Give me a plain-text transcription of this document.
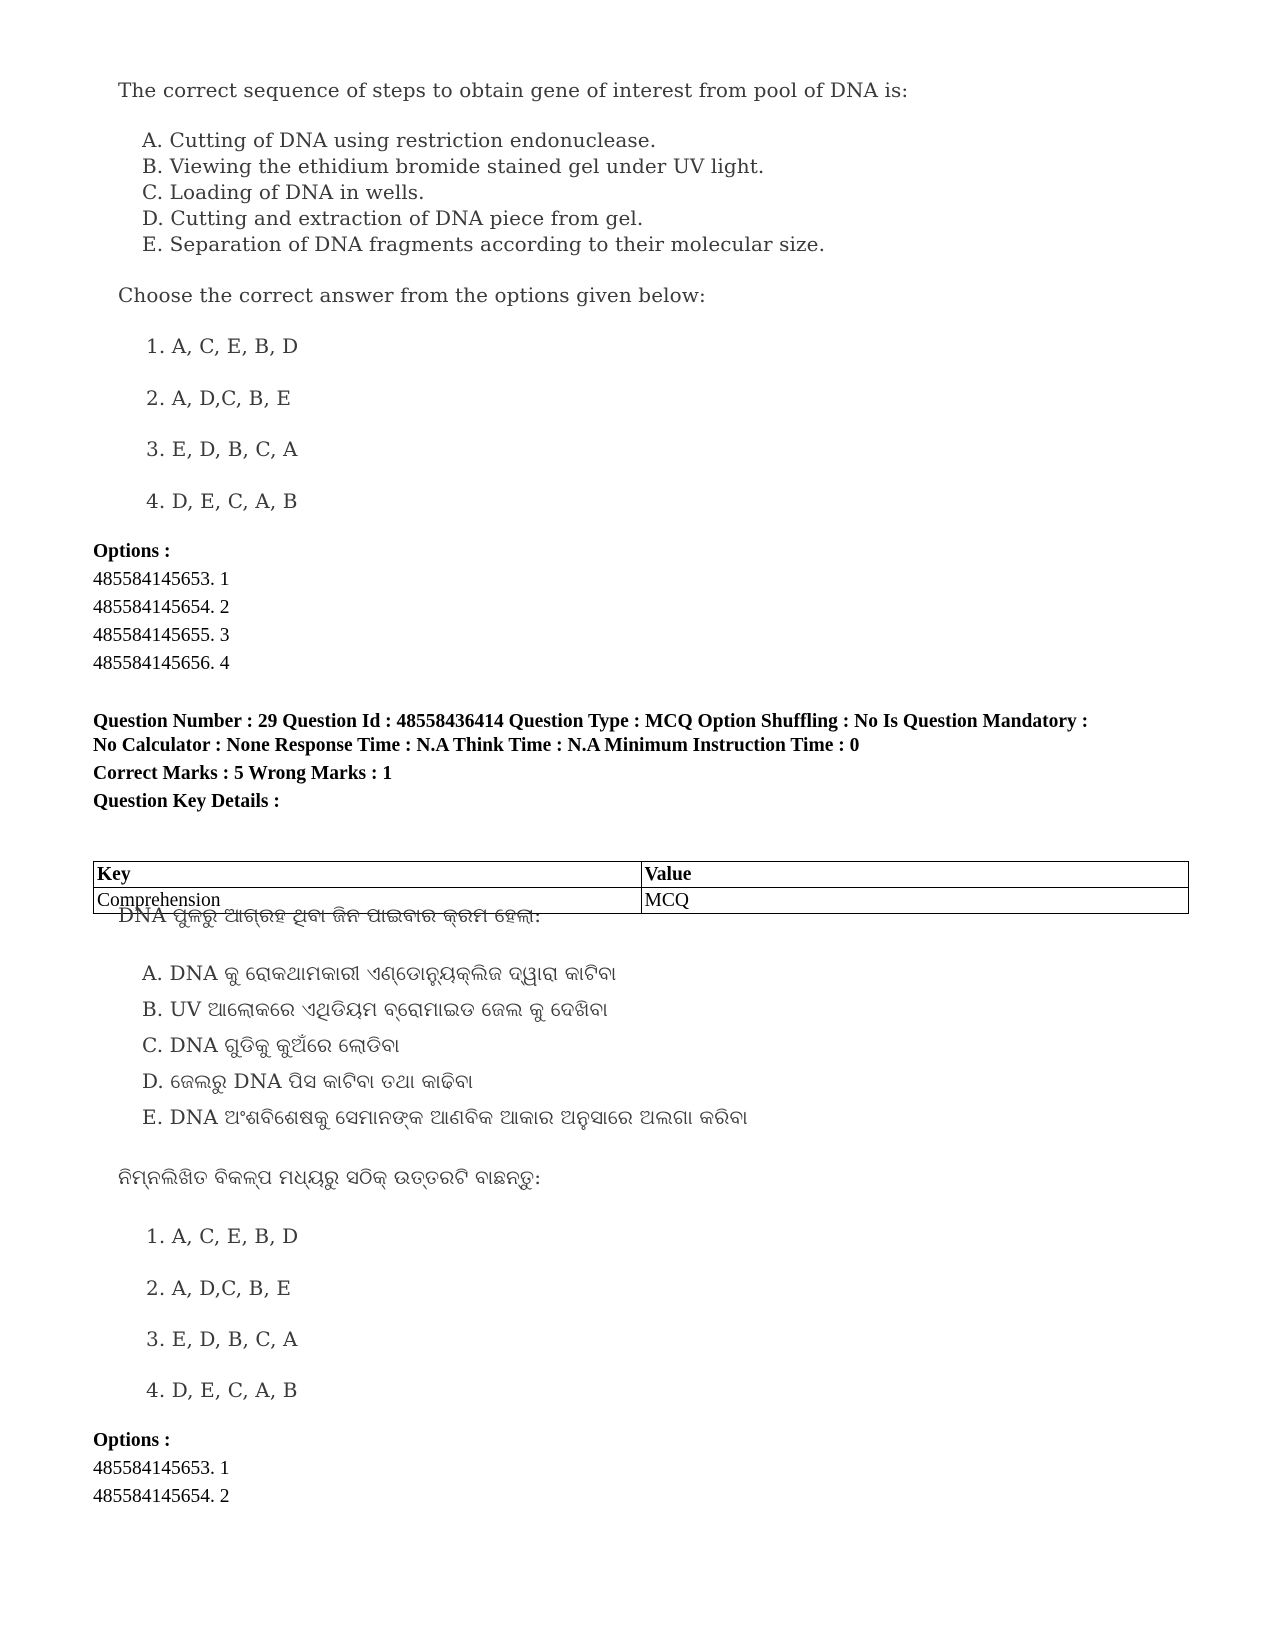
The correct sequence of steps to obtain gene of interest from pool of DNA is:
A. Cutting of DNA using restriction endonuclease.
B. Viewing the ethidium bromide stained gel under UV light.
C. Loading of DNA in wells.
D. Cutting and extraction of DNA piece from gel.
E. Separation of DNA fragments according to their molecular size.
Choose the correct answer from the options given below:
1. A, C, E, B, D
2. A, D,C, B, E
3. E, D, B, C, A
4. D, E, C, A, B
Options :
485584145653. 1
485584145654. 2
485584145655. 3
485584145656. 4
Question Number : 29 Question Id : 48558436414 Question Type : MCQ Option Shuffling : No Is Question Mandatory :
No Calculator : None Response Time : N.A Think Time : N.A Minimum Instruction Time : 0
Correct Marks : 5 Wrong Marks : 1
Question Key Details :
Key	Value
Comprehension	MCQ
DNA ପୁଳରୁ ଆଗ୍ରହ ଥିବା ଜିନ ପାଇବାର କ୍ରମ ହେଲା:
A. DNA କୁ ରୋକଥାମକାରୀ ଏଣ୍ଡୋନ୍ୟୁକ୍ଲିଜ ଦ୍ୱାରା କାଟିବା
B. UV ଆଲୋକରେ ଏଥିଡିୟମ ବ୍ରୋମାଇଡ ଜେଲ କୁ ଦେଖିବା
C. DNA ଗୁଡିକୁ କୁଅଁରେ ଲୋଡିବା
D. ଜେଲରୁ DNA ପିସ କାଟିବା ତଥା କାଢିବା
E. DNA ଅଂଶବିଶେଷକୁ ସେମାନଙ୍କ ଆଣବିକ ଆକାର ଅନୁସାରେ ଅଲଗା କରିବା
ନିମ୍ନଲିଖିତ ବିକଳ୍ପ ମଧ୍ୟରୁ ସଠିକ୍ ଉତ୍ତରଟି ବାଛନ୍ତୁ:
1. A, C, E, B, D
2. A, D,C, B, E
3. E, D, B, C, A
4. D, E, C, A, B
Options :
485584145653. 1
485584145654. 2
